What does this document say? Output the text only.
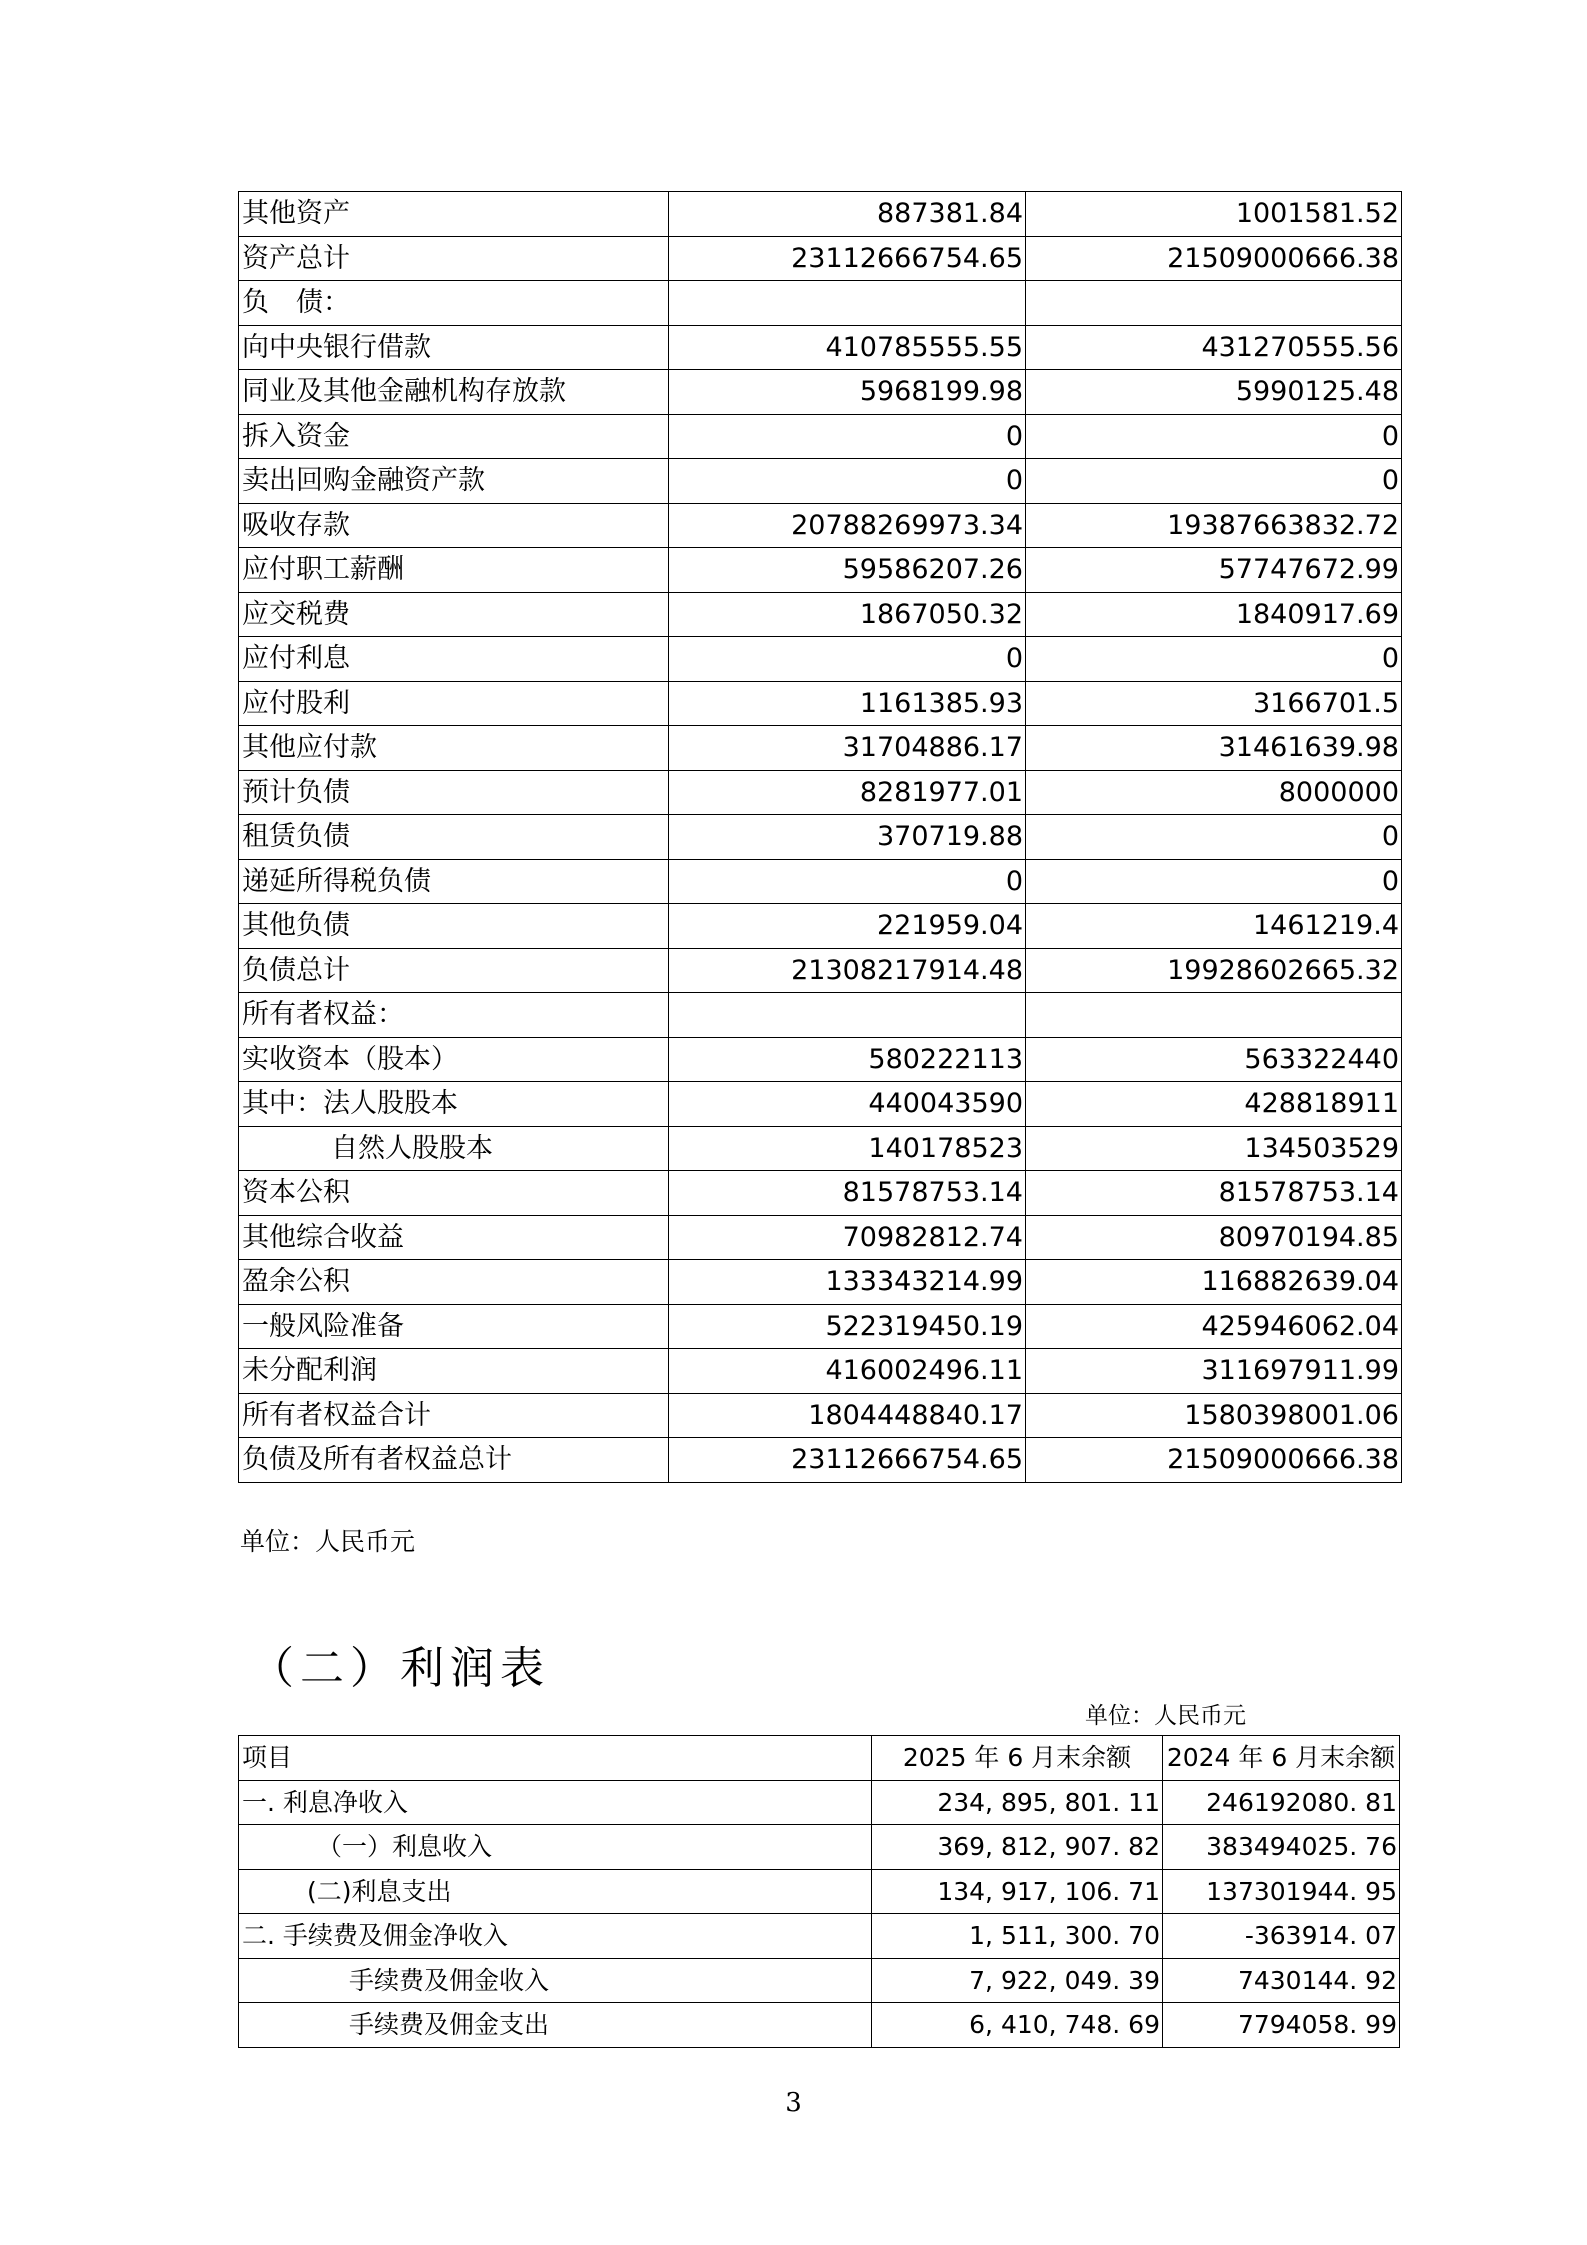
其他资产	887381.84	1001581.52
资产总计	23112666754.65	21509000666.38
负　债：		
向中央银行借款	410785555.55	431270555.56
同业及其他金融机构存放款	5968199.98	5990125.48
拆入资金	0	0
卖出回购金融资产款	0	0
吸收存款	20788269973.34	19387663832.72
应付职工薪酬	59586207.26	57747672.99
应交税费	1867050.32	1840917.69
应付利息	0	0
应付股利	1161385.93	3166701.5
其他应付款	31704886.17	31461639.98
预计负债	8281977.01	8000000
租赁负债	370719.88	0
递延所得税负债	0	0
其他负债	221959.04	1461219.4
负债总计	21308217914.48	19928602665.32
所有者权益：		
实收资本（股本）	580222113	563322440
其中：法人股股本	440043590	428818911
自然人股股本	140178523	134503529
资本公积	81578753.14	81578753.14
其他综合收益	70982812.74	80970194.85
盈余公积	133343214.99	116882639.04
一般风险准备	522319450.19	425946062.04
未分配利润	416002496.11	311697911.99
所有者权益合计	1804448840.17	1580398001.06
负债及所有者权益总计	23112666754.65	21509000666.38
单位：人民币元
（二）利润表
单位：人民币元
项目	2025 年 6 月末余额	2024 年 6 月末余额
一. 利息净收入	234, 895, 801. 11	246192080. 81
（一）利息收入	369, 812, 907. 82	383494025. 76
(二)利息支出	134, 917, 106. 71	137301944. 95
二. 手续费及佣金净收入	1, 511, 300. 70	-363914. 07
手续费及佣金收入	7, 922, 049. 39	7430144. 92
手续费及佣金支出	6, 410, 748. 69	7794058. 99
3
